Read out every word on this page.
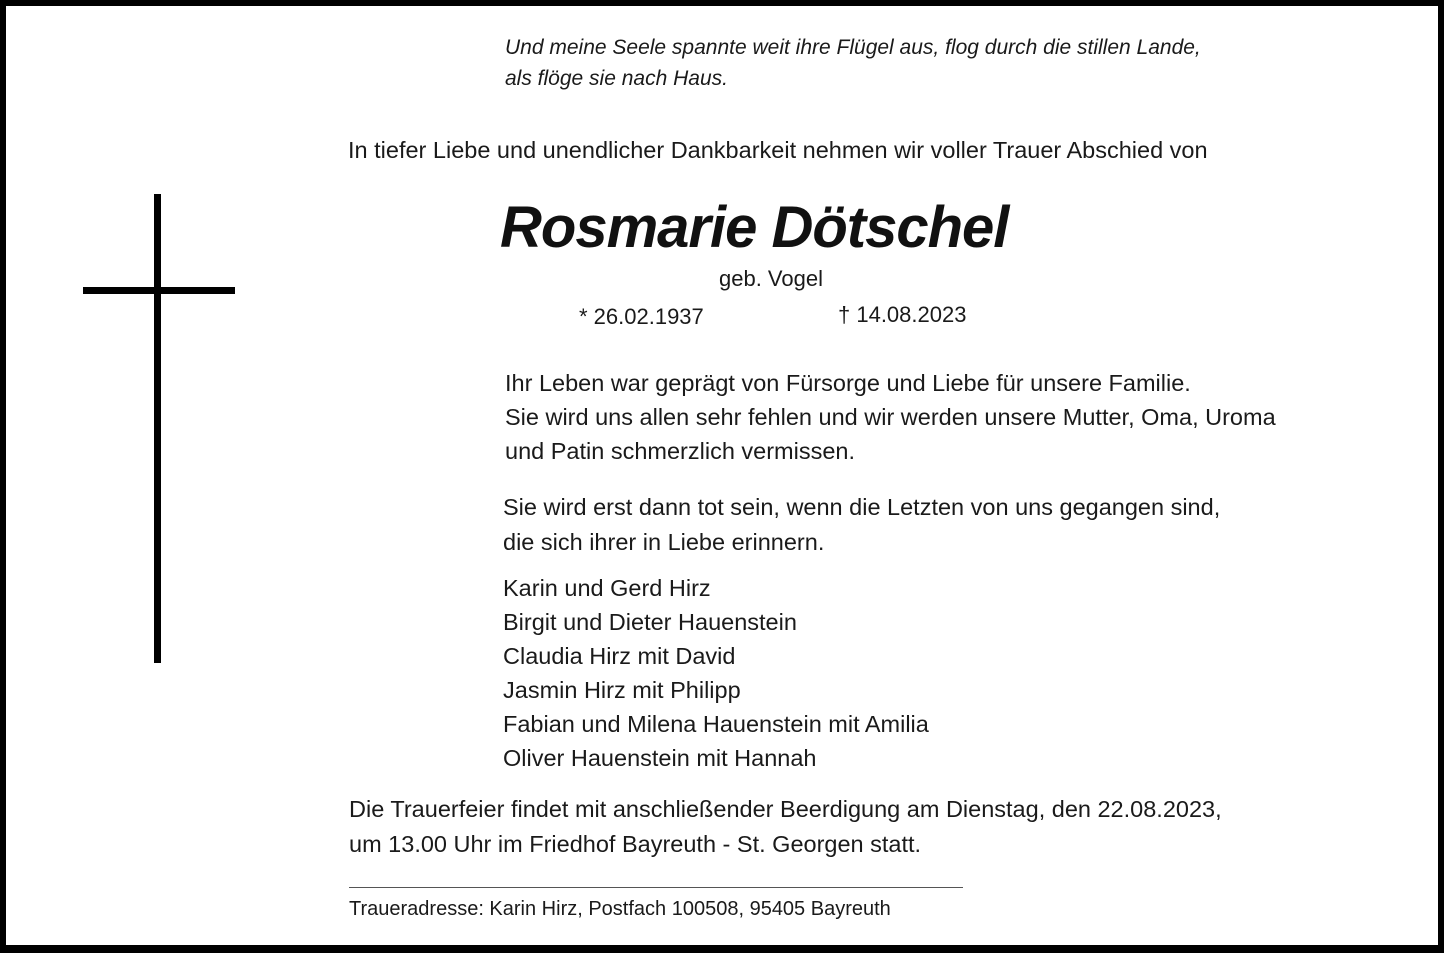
Und meine Seele spannte weit ihre Flügel aus, flog durch die stillen Lande,
als flöge sie nach Haus.
In tiefer Liebe und unendlicher Dankbarkeit nehmen wir voller Trauer Abschied von
Rosmarie Dötschel
geb. Vogel
* 26.02.1937	† 14.08.2023
Ihr Leben war geprägt von Fürsorge und Liebe für unsere Familie.
Sie wird uns allen sehr fehlen und wir werden unsere Mutter, Oma, Uroma
und Patin schmerzlich vermissen.
Sie wird erst dann tot sein, wenn die Letzten von uns gegangen sind,
die sich ihrer in Liebe erinnern.
Karin und Gerd Hirz
Birgit und Dieter Hauenstein
Claudia Hirz mit David
Jasmin Hirz mit Philipp
Fabian und Milena Hauenstein mit Amilia
Oliver Hauenstein mit Hannah
Die Trauerfeier findet mit anschließender Beerdigung am Dienstag, den 22.08.2023,
um 13.00 Uhr im Friedhof Bayreuth - St. Georgen statt.
Traueradresse: Karin Hirz, Postfach 100508, 95405 Bayreuth
